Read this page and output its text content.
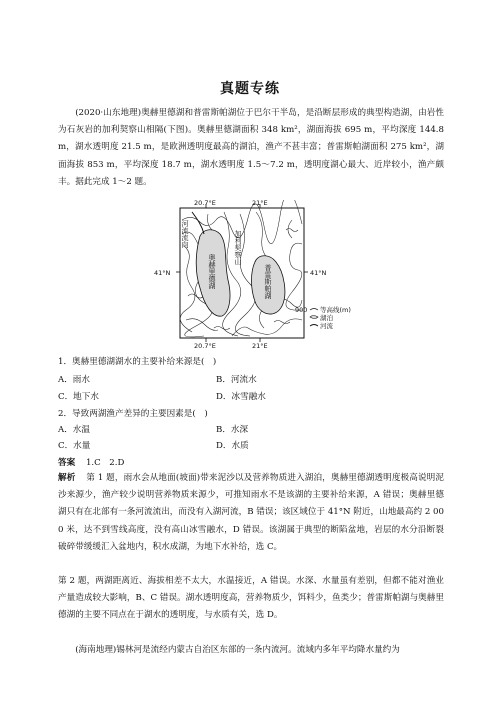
真题专练
(2020·山东地理)奥赫里德湖和普雷斯帕湖位于巴尔干半岛，是沿断层形成的典型构造湖，由岩性为石灰岩的加利契察山相隔(下图)。奥赫里德湖面积 348 km²，湖面海拔 695 m，平均深度 144.8 m，湖水透明度 21.5 m，是欧洲透明度最高的湖泊，渔产不甚丰富；普雷斯帕湖面积 275 km²，湖面海拔 853 m，平均深度 18.7 m，湖水透明度 1.5～7.2 m，透明度湖心最大、近岸较小，渔产颇丰。据此完成 1～2 题。
20.7°E	21°E
20.7°E	21°E
41°N	41°N
河流流向
奥赫里德湖
加利契察山
普雷斯帕湖
900 等高线(m)
湖泊
河流
1．奥赫里德湖湖水的主要补给来源是(　)
A．雨水	B．河流水
C．地下水	D．冰雪融水
2．导致两湖渔产差异的主要因素是(　)
A．水温	B．水深
C．水量	D．水质
答案 1.C　2.D
解析 第 1 题，雨水会从地面(坡面)带来泥沙以及营养物质进入湖泊，奥赫里德湖透明度极高说明泥沙来源少，渔产较少说明营养物质来源少，可推知雨水不是该湖的主要补给来源，A 错误；奥赫里德湖只有在北部有一条河流流出，而没有入湖河流，B 错误；该区域位于 41°N 附近，山地最高约 2 000 米，达不到雪线高度，没有高山冰雪融水，D 错误。该湖属于典型的断陷盆地，岩层的水分沿断裂破碎带缓缓汇入盆地内，积水成湖，为地下水补给，选 C。
第 2 题，两湖距离近、海拔相差不太大，水温接近，A 错误。水深、水量虽有差别，但都不能对渔业产量造成较大影响，B、C 错误。湖水透明度高，营养物质少，饵料少，鱼类少；普雷斯帕湖与奥赫里德湖的主要不同点在于湖水的透明度，与水质有关，选 D。
(海南地理)锡林河是流经内蒙古自治区东部的一条内流河。流域内多年平均降水量约为
